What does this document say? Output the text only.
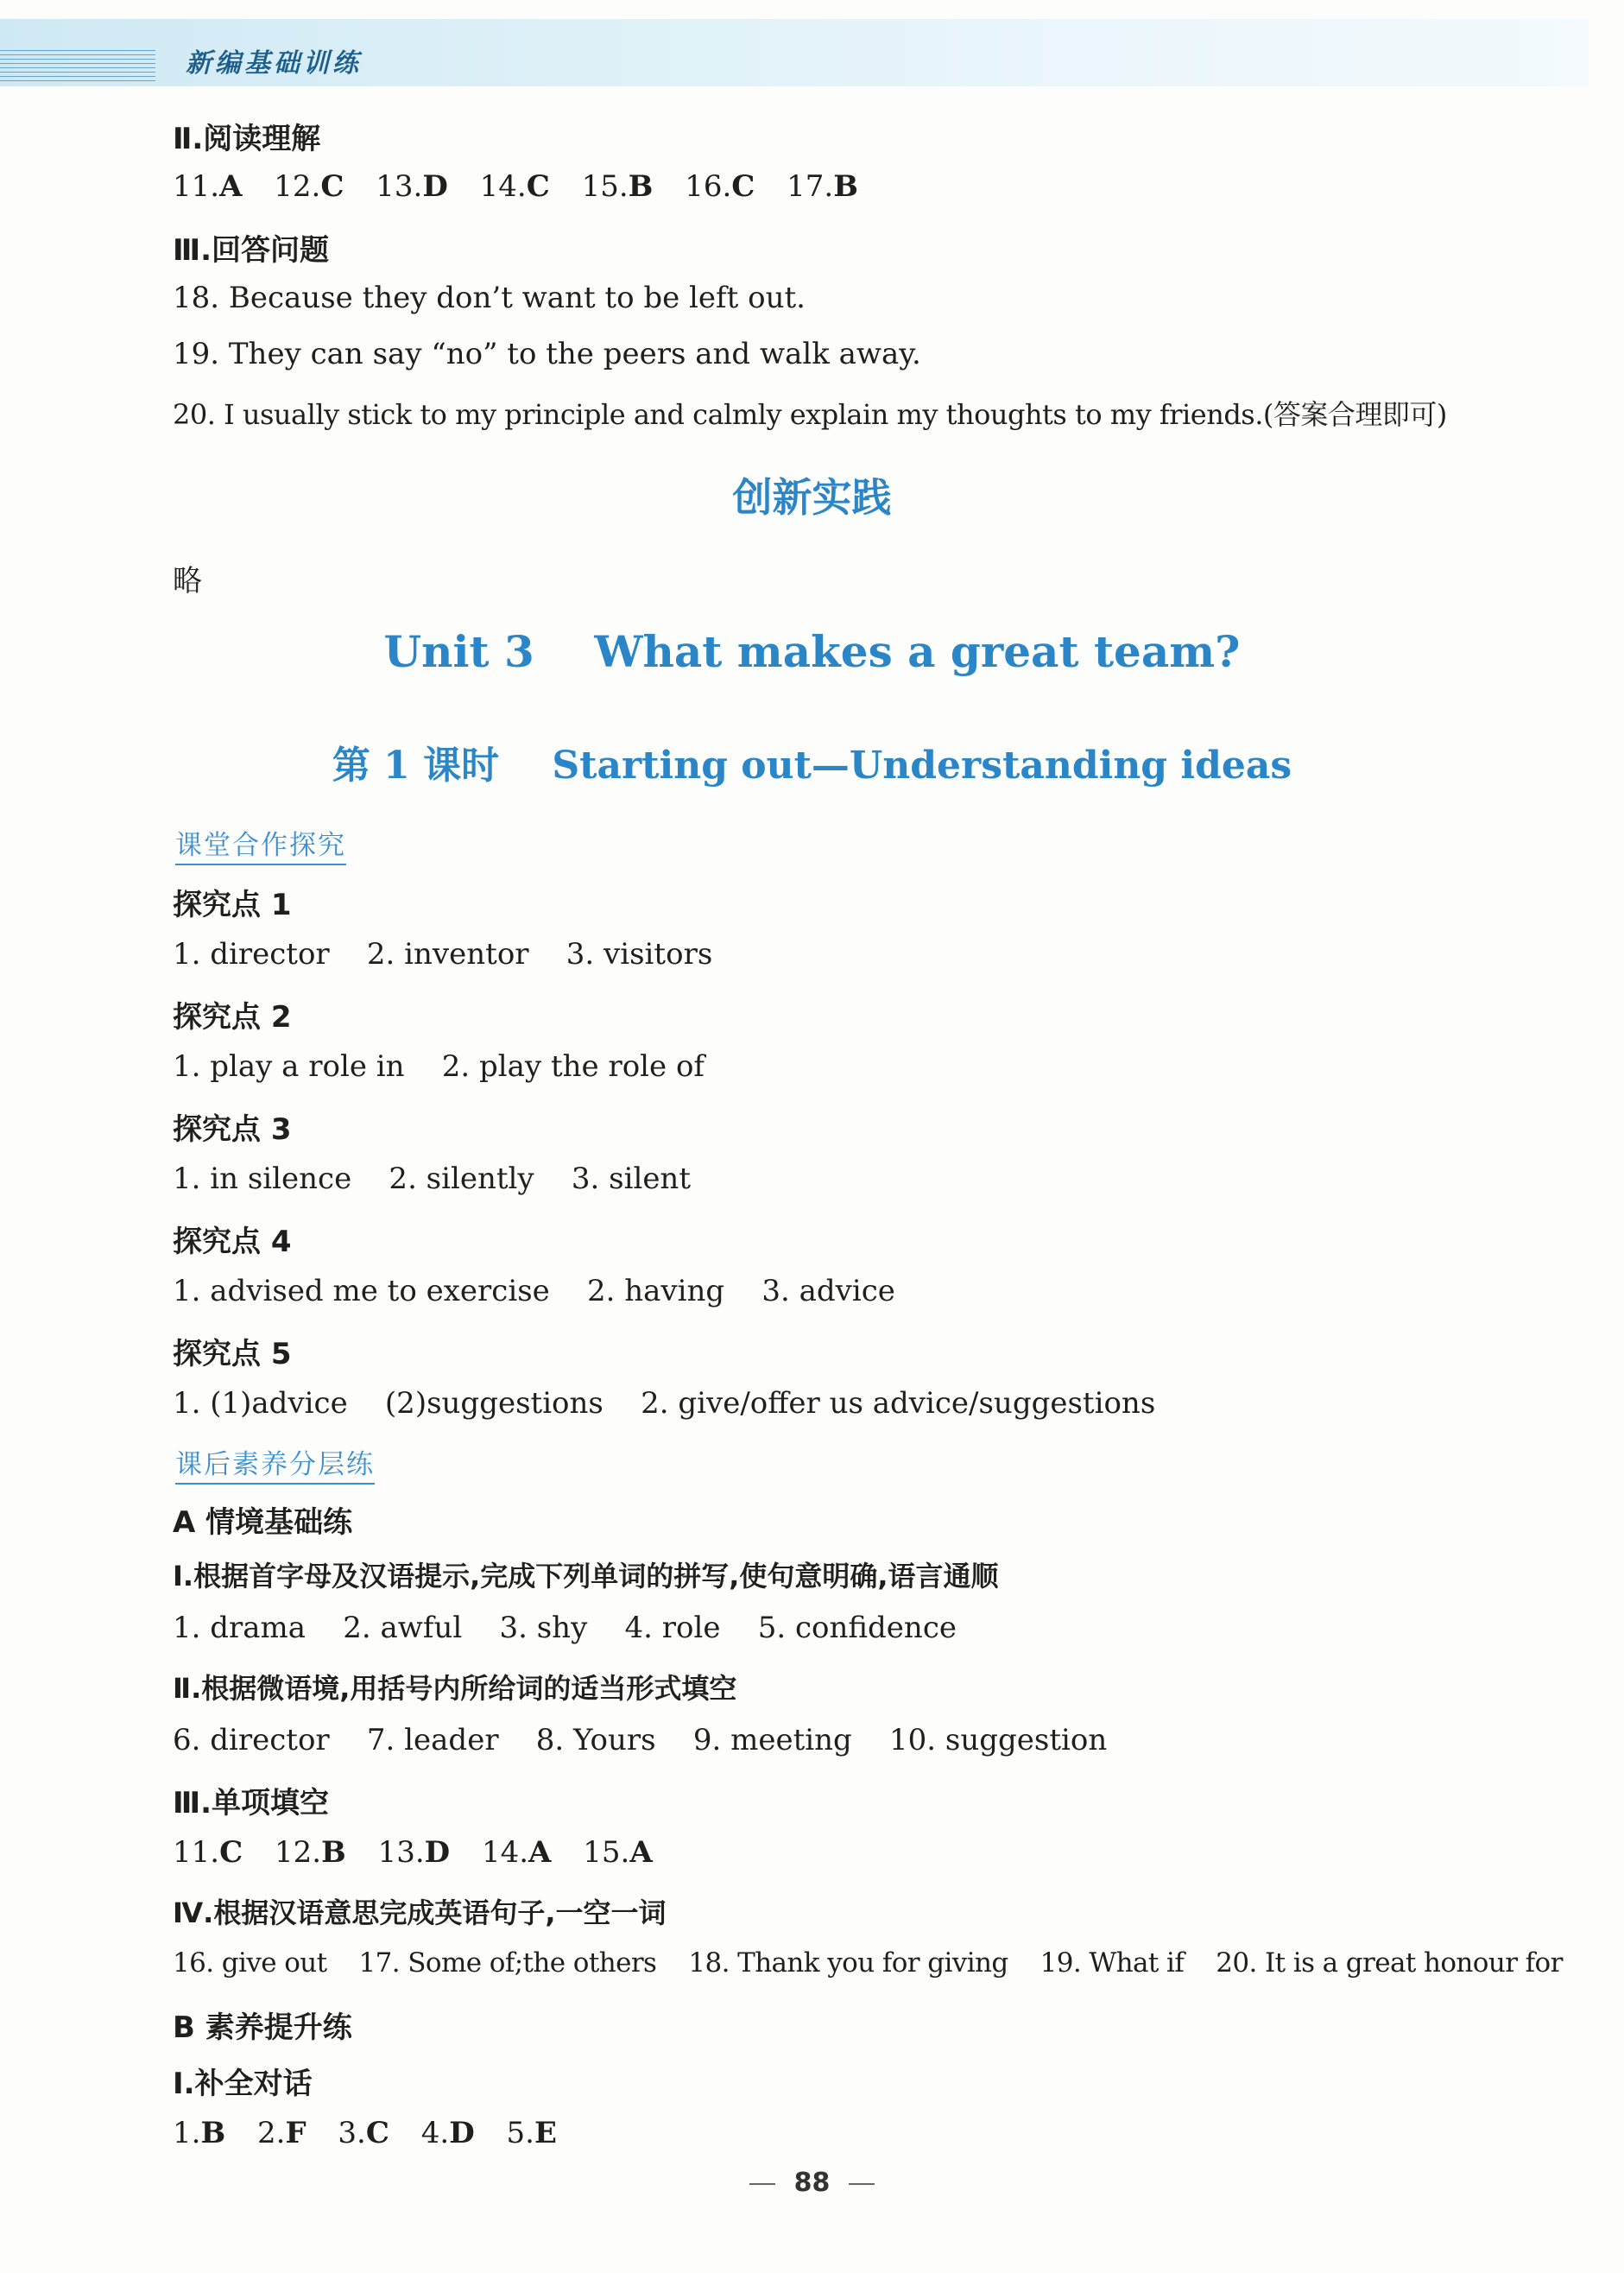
新编基础训练
Ⅱ.阅读理解
11.A 12.C 13.D 14.C 15.B 16.C 17.B
Ⅲ.回答问题
18. Because they don’t want to be left out.
19. They can say “no” to the peers and walk away.
20. I usually stick to my principle and calmly explain my thoughts to my friends.(答案合理即可)
创新实践
略
Unit 3    What makes a great team?
第 1 课时    Starting out—Understanding ideas
课堂合作探究
探究点 1
1. director    2. inventor    3. visitors
探究点 2
1. play a role in    2. play the role of
探究点 3
1. in silence    2. silently    3. silent
探究点 4
1. advised me to exercise    2. having    3. advice
探究点 5
1. (1)advice    (2)suggestions    2. give/offer us advice/suggestions
课后素养分层练
A 情境基础练
Ⅰ.根据首字母及汉语提示,完成下列单词的拼写,使句意明确,语言通顺
1. drama    2. awful    3. shy    4. role    5. confidence
Ⅱ.根据微语境,用括号内所给词的适当形式填空
6. director    7. leader    8. Yours    9. meeting    10. suggestion
Ⅲ.单项填空
11.C 12.B 13.D 14.A 15.A
Ⅳ.根据汉语意思完成英语句子,一空一词
16. give out    17. Some of;the others    18. Thank you for giving    19. What if    20. It is a great honour for
B 素养提升练
Ⅰ.补全对话
1.B 2.F 3.C 4.D 5.E
88
